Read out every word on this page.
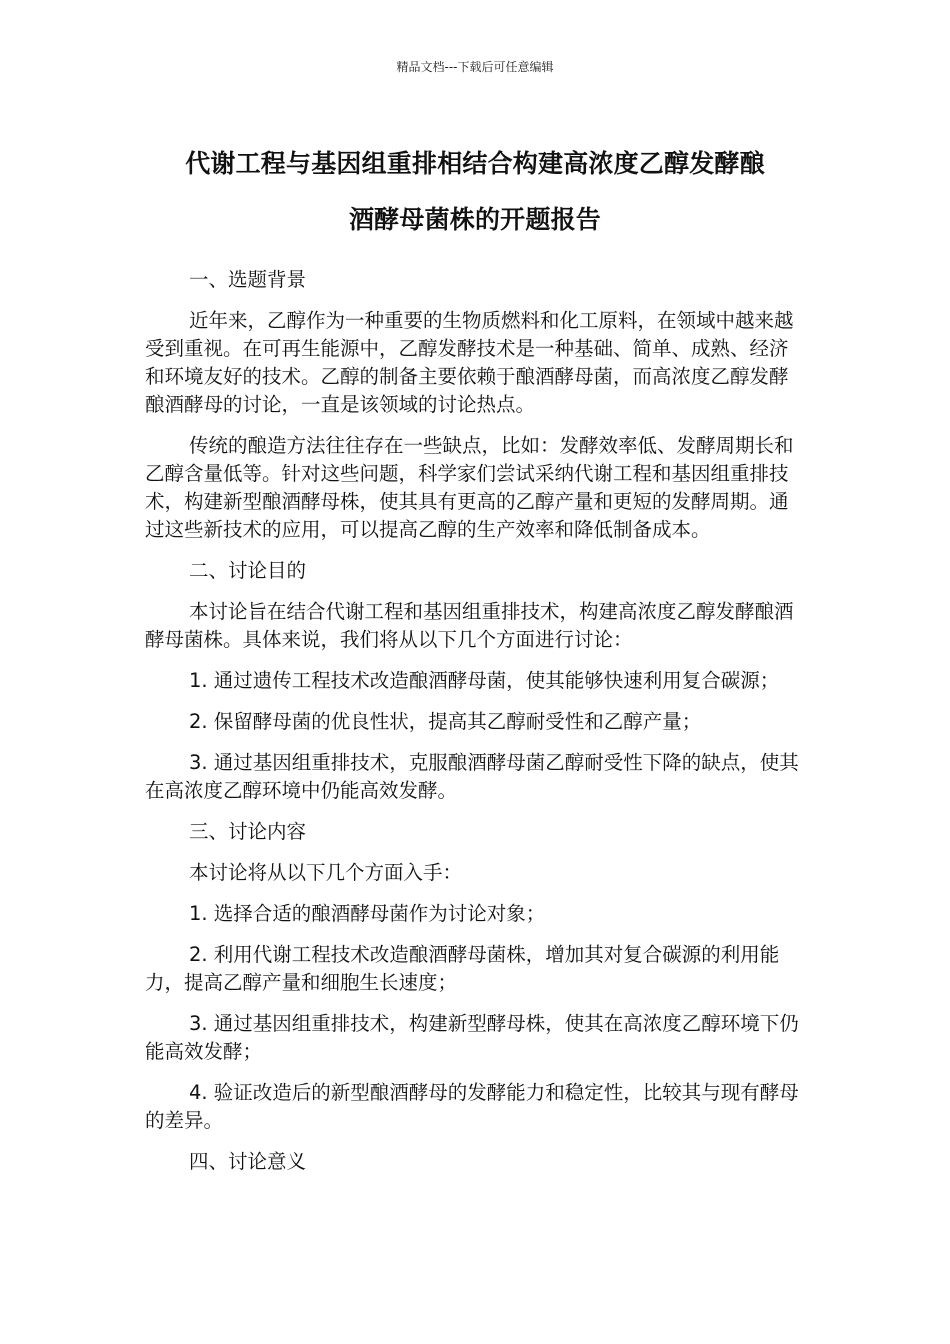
精品文档---下载后可任意编辑
代谢工程与基因组重排相结合构建高浓度乙醇发酵酿
酒酵母菌株的开题报告

一、选题背景

近年来，乙醇作为一种重要的生物质燃料和化工原料，在领域中越来越受到重视。在可再生能源中，乙醇发酵技术是一种基础、简单、成熟、经济和环境友好的技术。乙醇的制备主要依赖于酿酒酵母菌，而高浓度乙醇发酵酿酒酵母的讨论，一直是该领域的讨论热点。

传统的酿造方法往往存在一些缺点，比如：发酵效率低、发酵周期长和乙醇含量低等。针对这些问题，科学家们尝试采纳代谢工程和基因组重排技术，构建新型酿酒酵母株，使其具有更高的乙醇产量和更短的发酵周期。通过这些新技术的应用，可以提高乙醇的生产效率和降低制备成本。

二、讨论目的

本讨论旨在结合代谢工程和基因组重排技术，构建高浓度乙醇发酵酿酒酵母菌株。具体来说，我们将从以下几个方面进行讨论：

1. 通过遗传工程技术改造酿酒酵母菌，使其能够快速利用复合碳源；

2. 保留酵母菌的优良性状，提高其乙醇耐受性和乙醇产量；

3. 通过基因组重排技术，克服酿酒酵母菌乙醇耐受性下降的缺点，使其在高浓度乙醇环境中仍能高效发酵。

三、讨论内容

本讨论将从以下几个方面入手：

1. 选择合适的酿酒酵母菌作为讨论对象；

2. 利用代谢工程技术改造酿酒酵母菌株，增加其对复合碳源的利用能力，提高乙醇产量和细胞生长速度；

3. 通过基因组重排技术，构建新型酵母株，使其在高浓度乙醇环境下仍能高效发酵；

4. 验证改造后的新型酿酒酵母的发酵能力和稳定性，比较其与现有酵母的差异。

四、讨论意义
